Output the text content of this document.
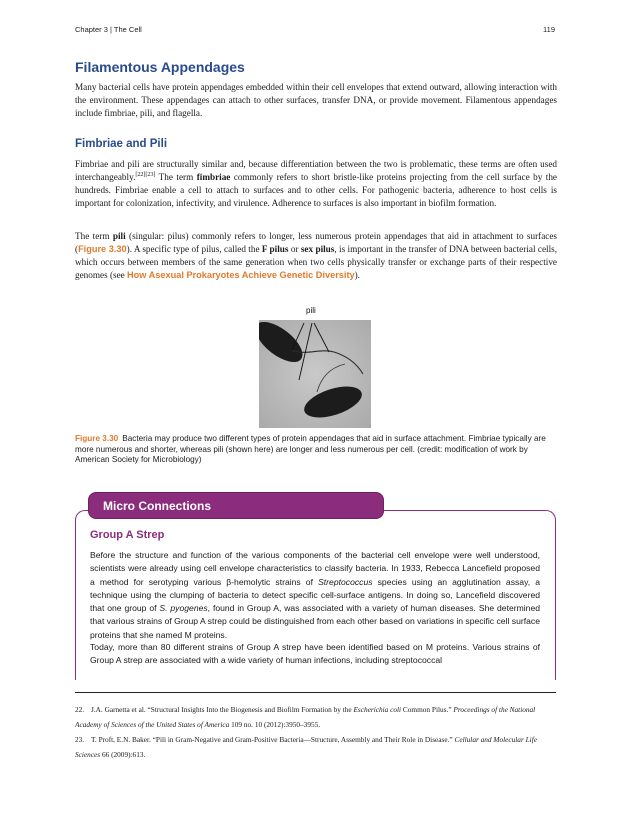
Chapter 3 | The Cell	119
Filamentous Appendages

Many bacterial cells have protein appendages embedded within their cell envelopes that extend outward, allowing interaction with the environment. These appendages can attach to other surfaces, transfer DNA, or provide movement. Filamentous appendages include fimbriae, pili, and flagella.

Fimbriae and Pili

Fimbriae and pili are structurally similar and, because differentiation between the two is problematic, these terms are often used interchangeably.[22][23] The term fimbriae commonly refers to short bristle-like proteins projecting from the cell surface by the hundreds. Fimbriae enable a cell to attach to surfaces and to other cells. For pathogenic bacteria, adherence to host cells is important for colonization, infectivity, and virulence. Adherence to surfaces is also important in biofilm formation.

The term pili (singular: pilus) commonly refers to longer, less numerous protein appendages that aid in attachment to surfaces (Figure 3.30). A specific type of pilus, called the F pilus or sex pilus, is important in the transfer of DNA between bacterial cells, which occurs between members of the same generation when two cells physically transfer or exchange parts of their respective genomes (see How Asexual Prokaryotes Achieve Genetic Diversity).

pili

Figure 3.30 Bacteria may produce two different types of protein appendages that aid in surface attachment. Fimbriae typically are more numerous and shorter, whereas pili (shown here) are longer and less numerous per cell. (credit: modification of work by American Society for Microbiology)

Micro Connections
Group A Strep

Before the structure and function of the various components of the bacterial cell envelope were well understood, scientists were already using cell envelope characteristics to classify bacteria. In 1933, Rebecca Lancefield proposed a method for serotyping various β-hemolytic strains of Streptococcus species using an agglutination assay, a technique using the clumping of bacteria to detect specific cell-surface antigens. In doing so, Lancefield discovered that one group of S. pyogenes, found in Group A, was associated with a variety of human diseases. She determined that various strains of Group A strep could be distinguished from each other based on variations in specific cell surface proteins that she named M proteins.

Today, more than 80 different strains of Group A strep have been identified based on M proteins. Various strains of Group A strep are associated with a wide variety of human infections, including streptococcal

22. J.A. Garnetta et al. “Structural Insights Into the Biogenesis and Biofilm Formation by the Escherichia coli Common Pilus.” Proceedings of the National Academy of Sciences of the United States of America 109 no. 10 (2012):3950–3955.

23. T. Proft, E.N. Baker. “Pili in Gram-Negative and Gram-Positive Bacteria—Structure, Assembly and Their Role in Disease.” Cellular and Molecular Life Sciences 66 (2009):613.
